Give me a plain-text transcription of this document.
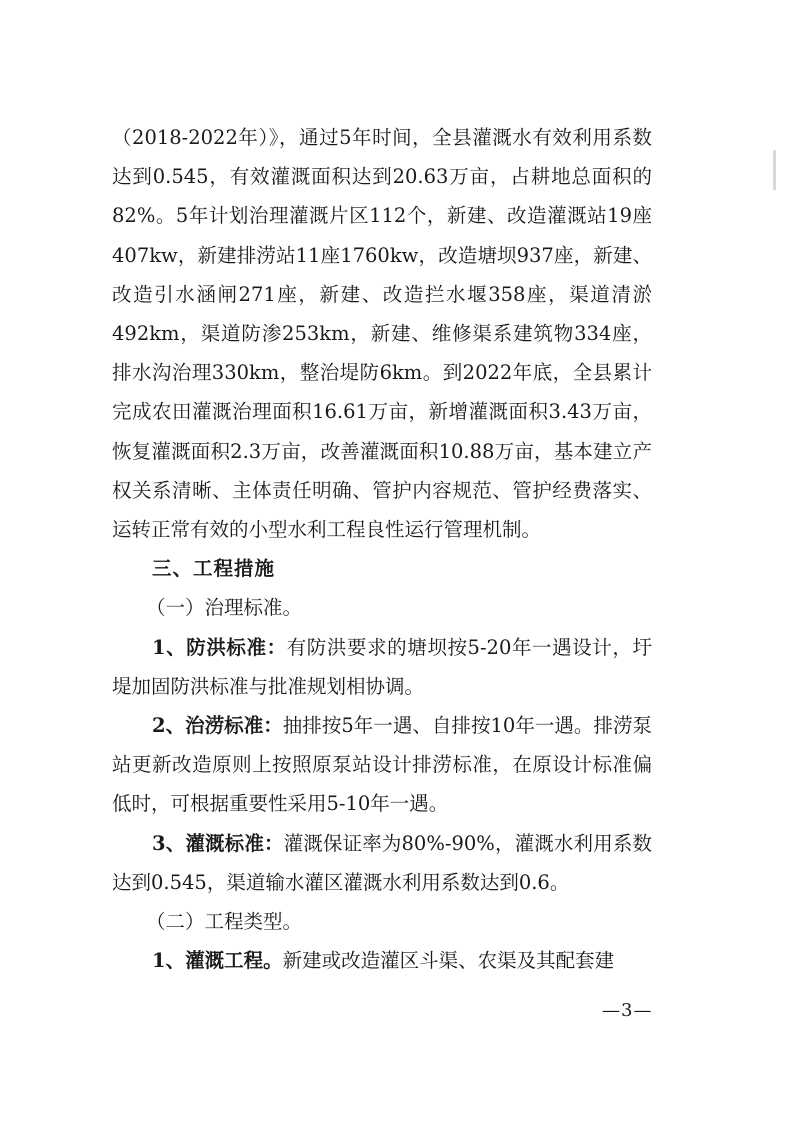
（2018-2022年）》，通过5年时间，全县灌溉水有效利用系数达到0.545，有效灌溉面积达到20.63万亩，占耕地总面积的82%。5年计划治理灌溉片区112个，新建、改造灌溉站19座407kw，新建排涝站11座1760kw，改造塘坝937座，新建、改造引水涵闸271座，新建、改造拦水堰358座，渠道清淤492km，渠道防渗253km，新建、维修渠系建筑物334座，排水沟治理330km，整治堤防6km。到2022年底，全县累计完成农田灌溉治理面积16.61万亩，新增灌溉面积3.43万亩，恢复灌溉面积2.3万亩，改善灌溉面积10.88万亩，基本建立产权关系清晰、主体责任明确、管护内容规范、管护经费落实、运转正常有效的小型水利工程良性运行管理机制。

三、工程措施

（一）治理标准。

1、防洪标准：有防洪要求的塘坝按5-20年一遇设计，圩堤加固防洪标准与批准规划相协调。

2、治涝标准：抽排按5年一遇、自排按10年一遇。排涝泵站更新改造原则上按照原泵站设计排涝标准，在原设计标准偏低时，可根据重要性采用5-10年一遇。

3、灌溉标准：灌溉保证率为80%-90%，灌溉水利用系数达到0.545，渠道输水灌区灌溉水利用系数达到0.6。

（二）工程类型。

1、灌溉工程。新建或改造灌区斗渠、农渠及其配套建

—3—
